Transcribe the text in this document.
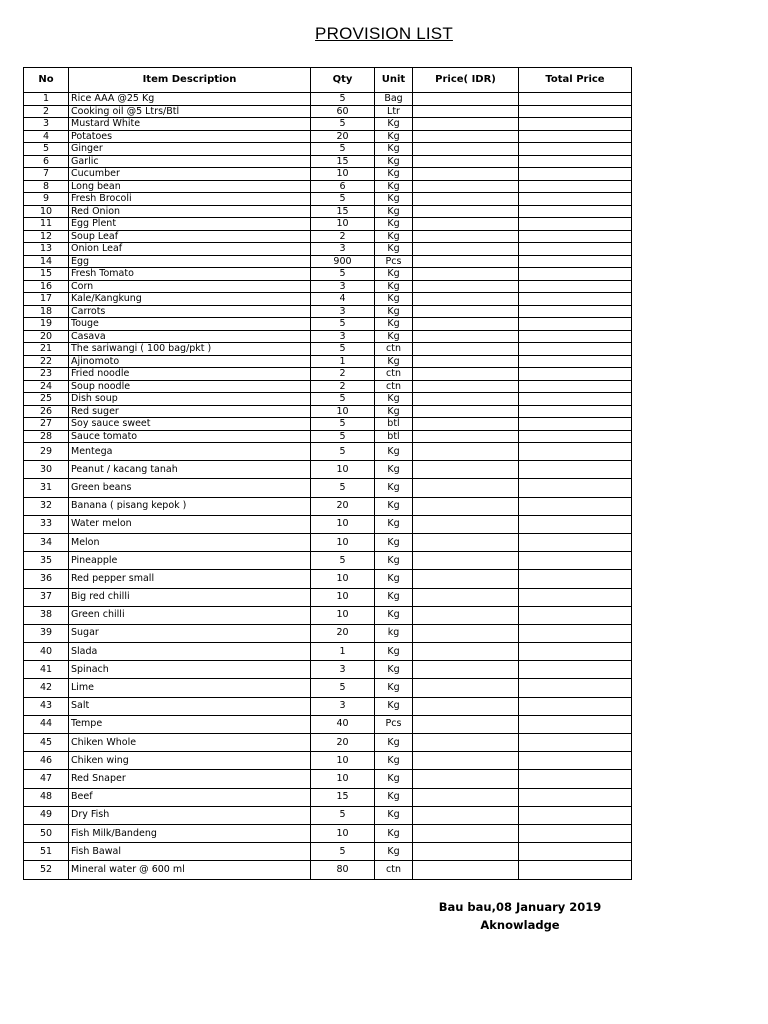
PROVISION LIST
No	Item Description	Qty	Unit	Price( IDR)	Total Price
1	Rice AAA @25 Kg	5	Bag		
2	Cooking oil @5 Ltrs/Btl	60	Ltr		
3	Mustard White	5	Kg		
4	Potatoes	20	Kg		
5	Ginger	5	Kg		
6	Garlic	15	Kg		
7	Cucumber	10	Kg		
8	Long bean	6	Kg		
9	Fresh Brocoli	5	Kg		
10	Red Onion	15	Kg		
11	Egg Plent	10	Kg		
12	Soup Leaf	2	Kg		
13	Onion Leaf	3	Kg		
14	Egg	900	Pcs		
15	Fresh Tomato	5	Kg		
16	Corn	3	Kg		
17	Kale/Kangkung	4	Kg		
18	Carrots	3	Kg		
19	Touge	5	Kg		
20	Casava	3	Kg		
21	The sariwangi ( 100 bag/pkt )	5	ctn		
22	Ajinomoto	1	Kg		
23	Fried noodle	2	ctn		
24	Soup noodle	2	ctn		
25	Dish soup	5	Kg		
26	Red suger	10	Kg		
27	Soy sauce sweet	5	btl		
28	Sauce tomato	5	btl		
29	Mentega	5	Kg		
30	Peanut / kacang tanah	10	Kg		
31	Green beans	5	Kg		
32	Banana ( pisang kepok )	20	Kg		
33	Water melon	10	Kg		
34	Melon	10	Kg		
35	Pineapple	5	Kg		
36	Red pepper small	10	Kg		
37	Big red chilli	10	Kg		
38	Green chilli	10	Kg		
39	Sugar	20	kg		
40	Slada	1	Kg		
41	Spinach	3	Kg		
42	Lime	5	Kg		
43	Salt	3	Kg		
44	Tempe	40	Pcs		
45	Chiken Whole	20	Kg		
46	Chiken wing	10	Kg		
47	Red Snaper	10	Kg		
48	Beef	15	Kg		
49	Dry Fish	5	Kg		
50	Fish Milk/Bandeng	10	Kg		
51	Fish Bawal	5	Kg		
52	Mineral water @ 600 ml	80	ctn		
Bau bau,08 January 2019
Aknowladge
